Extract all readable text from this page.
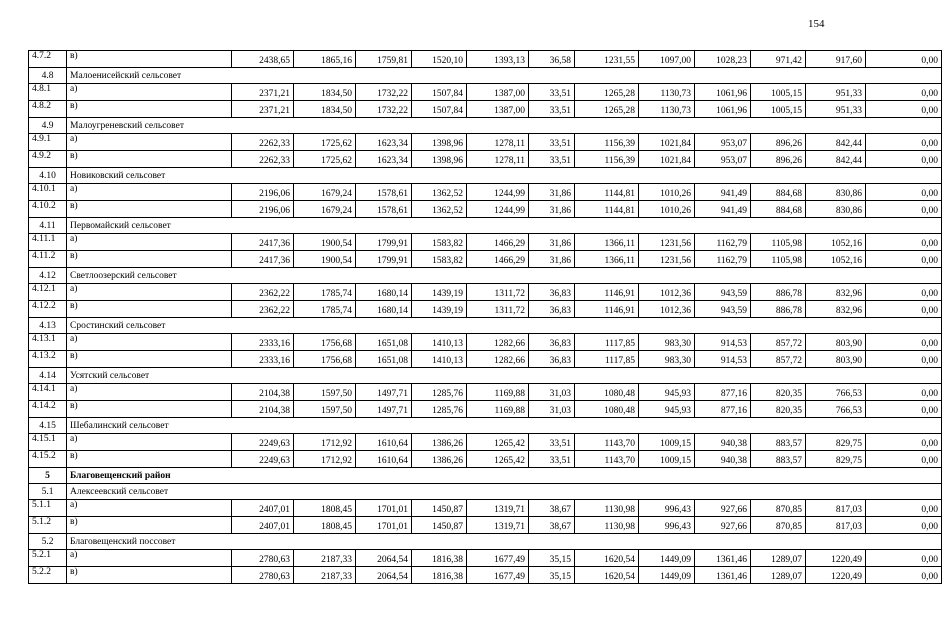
154
4.7.2	в)	2438,65	1865,16	1759,81	1520,10	1393,13	36,58	1231,55	1097,00	1028,23	971,42	917,60	0,00
4.8	Малоенисейский сельсовет												
4.8.1	а)	2371,21	1834,50	1732,22	1507,84	1387,00	33,51	1265,28	1130,73	1061,96	1005,15	951,33	0,00
4.8.2	в)	2371,21	1834,50	1732,22	1507,84	1387,00	33,51	1265,28	1130,73	1061,96	1005,15	951,33	0,00
4.9	Малоугреневский сельсовет												
4.9.1	а)	2262,33	1725,62	1623,34	1398,96	1278,11	33,51	1156,39	1021,84	953,07	896,26	842,44	0,00
4.9.2	в)	2262,33	1725,62	1623,34	1398,96	1278,11	33,51	1156,39	1021,84	953,07	896,26	842,44	0,00
4.10	Новиковский сельсовет												
4.10.1	а)	2196,06	1679,24	1578,61	1362,52	1244,99	31,86	1144,81	1010,26	941,49	884,68	830,86	0,00
4.10.2	в)	2196,06	1679,24	1578,61	1362,52	1244,99	31,86	1144,81	1010,26	941,49	884,68	830,86	0,00
4.11	Первомайский сельсовет												
4.11.1	а)	2417,36	1900,54	1799,91	1583,82	1466,29	31,86	1366,11	1231,56	1162,79	1105,98	1052,16	0,00
4.11.2	в)	2417,36	1900,54	1799,91	1583,82	1466,29	31,86	1366,11	1231,56	1162,79	1105,98	1052,16	0,00
4.12	Светлоозерский сельсовет												
4.12.1	а)	2362,22	1785,74	1680,14	1439,19	1311,72	36,83	1146,91	1012,36	943,59	886,78	832,96	0,00
4.12.2	в)	2362,22	1785,74	1680,14	1439,19	1311,72	36,83	1146,91	1012,36	943,59	886,78	832,96	0,00
4.13	Сростинский сельсовет												
4.13.1	а)	2333,16	1756,68	1651,08	1410,13	1282,66	36,83	1117,85	983,30	914,53	857,72	803,90	0,00
4.13.2	в)	2333,16	1756,68	1651,08	1410,13	1282,66	36,83	1117,85	983,30	914,53	857,72	803,90	0,00
4.14	Усятский сельсовет												
4.14.1	а)	2104,38	1597,50	1497,71	1285,76	1169,88	31,03	1080,48	945,93	877,16	820,35	766,53	0,00
4.14.2	в)	2104,38	1597,50	1497,71	1285,76	1169,88	31,03	1080,48	945,93	877,16	820,35	766,53	0,00
4.15	Шебалинский сельсовет												
4.15.1	а)	2249,63	1712,92	1610,64	1386,26	1265,42	33,51	1143,70	1009,15	940,38	883,57	829,75	0,00
4.15.2	в)	2249,63	1712,92	1610,64	1386,26	1265,42	33,51	1143,70	1009,15	940,38	883,57	829,75	0,00
5	Благовещенский район												
5.1	Алексеевский сельсовет												
5.1.1	а)	2407,01	1808,45	1701,01	1450,87	1319,71	38,67	1130,98	996,43	927,66	870,85	817,03	0,00
5.1.2	в)	2407,01	1808,45	1701,01	1450,87	1319,71	38,67	1130,98	996,43	927,66	870,85	817,03	0,00
5.2	Благовещенский поссовет												
5.2.1	а)	2780,63	2187,33	2064,54	1816,38	1677,49	35,15	1620,54	1449,09	1361,46	1289,07	1220,49	0,00
5.2.2	в)	2780,63	2187,33	2064,54	1816,38	1677,49	35,15	1620,54	1449,09	1361,46	1289,07	1220,49	0,00
